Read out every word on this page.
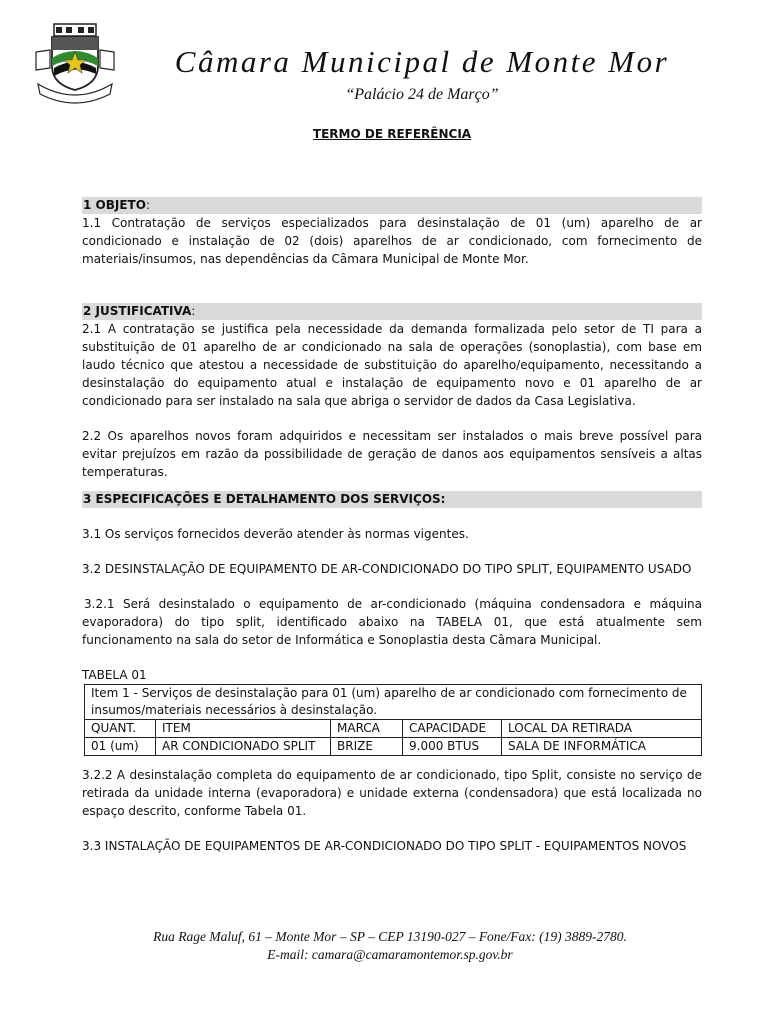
Câmara Municipal de Monte Mor
“Palácio 24 de Março”
TERMO DE REFERÊNCIA
1 OBJETO:

1.1 Contratação de serviços especializados para desinstalação de 01 (um) aparelho de ar condicionado e instalação de 02 (dois) aparelhos de ar condicionado, com fornecimento de materiais/insumos, nas dependências da Câmara Municipal de Monte Mor.

2 JUSTIFICATIVA:

2.1 A contratação se justifica pela necessidade da demanda formalizada pelo setor de TI para a substituição de 01 aparelho de ar condicionado na sala de operações (sonoplastia), com base em laudo técnico que atestou a necessidade de substituição do aparelho/equipamento, necessitando a desinstalação do equipamento atual e instalação de equipamento novo e 01 aparelho de ar condicionado para ser instalado na sala que abriga o servidor de dados da Casa Legislativa.

2.2 Os aparelhos novos foram adquiridos e necessitam ser instalados o mais breve possível para evitar prejuízos em razão da possibilidade de geração de danos aos equipamentos sensíveis a altas temperaturas.

3 ESPECIFICAÇÕES E DETALHAMENTO DOS SERVIÇOS:

3.1 Os serviços fornecidos deverão atender às normas vigentes.

3.2 DESINSTALAÇÃO DE EQUIPAMENTO DE AR-CONDICIONADO DO TIPO SPLIT, EQUIPAMENTO USADO

3.2.1 Será desinstalado o equipamento de ar-condicionado (máquina condensadora e máquina evaporadora) do tipo split, identificado abaixo na TABELA 01, que está atualmente sem funcionamento na sala do setor de Informática e Sonoplastia desta Câmara Municipal.

TABELA 01
Item 1 - Serviços de desinstalação para 01 (um) aparelho de ar condicionado com fornecimento de insumos/materiais necessários à desinstalação.				
QUANT.	ITEM	MARCA	CAPACIDADE	LOCAL DA RETIRADA
01 (um)	AR CONDICIONADO SPLIT	BRIZE	9.000 BTUS	SALA DE INFORMÁTICA

3.2.2 A desinstalação completa do equipamento de ar condicionado, tipo Split, consiste no serviço de retirada da unidade interna (evaporadora) e unidade externa (condensadora) que está localizada no espaço descrito, conforme Tabela 01.

3.3 INSTALAÇÃO DE EQUIPAMENTOS DE AR-CONDICIONADO DO TIPO SPLIT - EQUIPAMENTOS NOVOS

Rua Rage Maluf, 61 – Monte Mor – SP – CEP 13190-027 – Fone/Fax: (19) 3889-2780.
E-mail: camara@camaramontemor.sp.gov.br
